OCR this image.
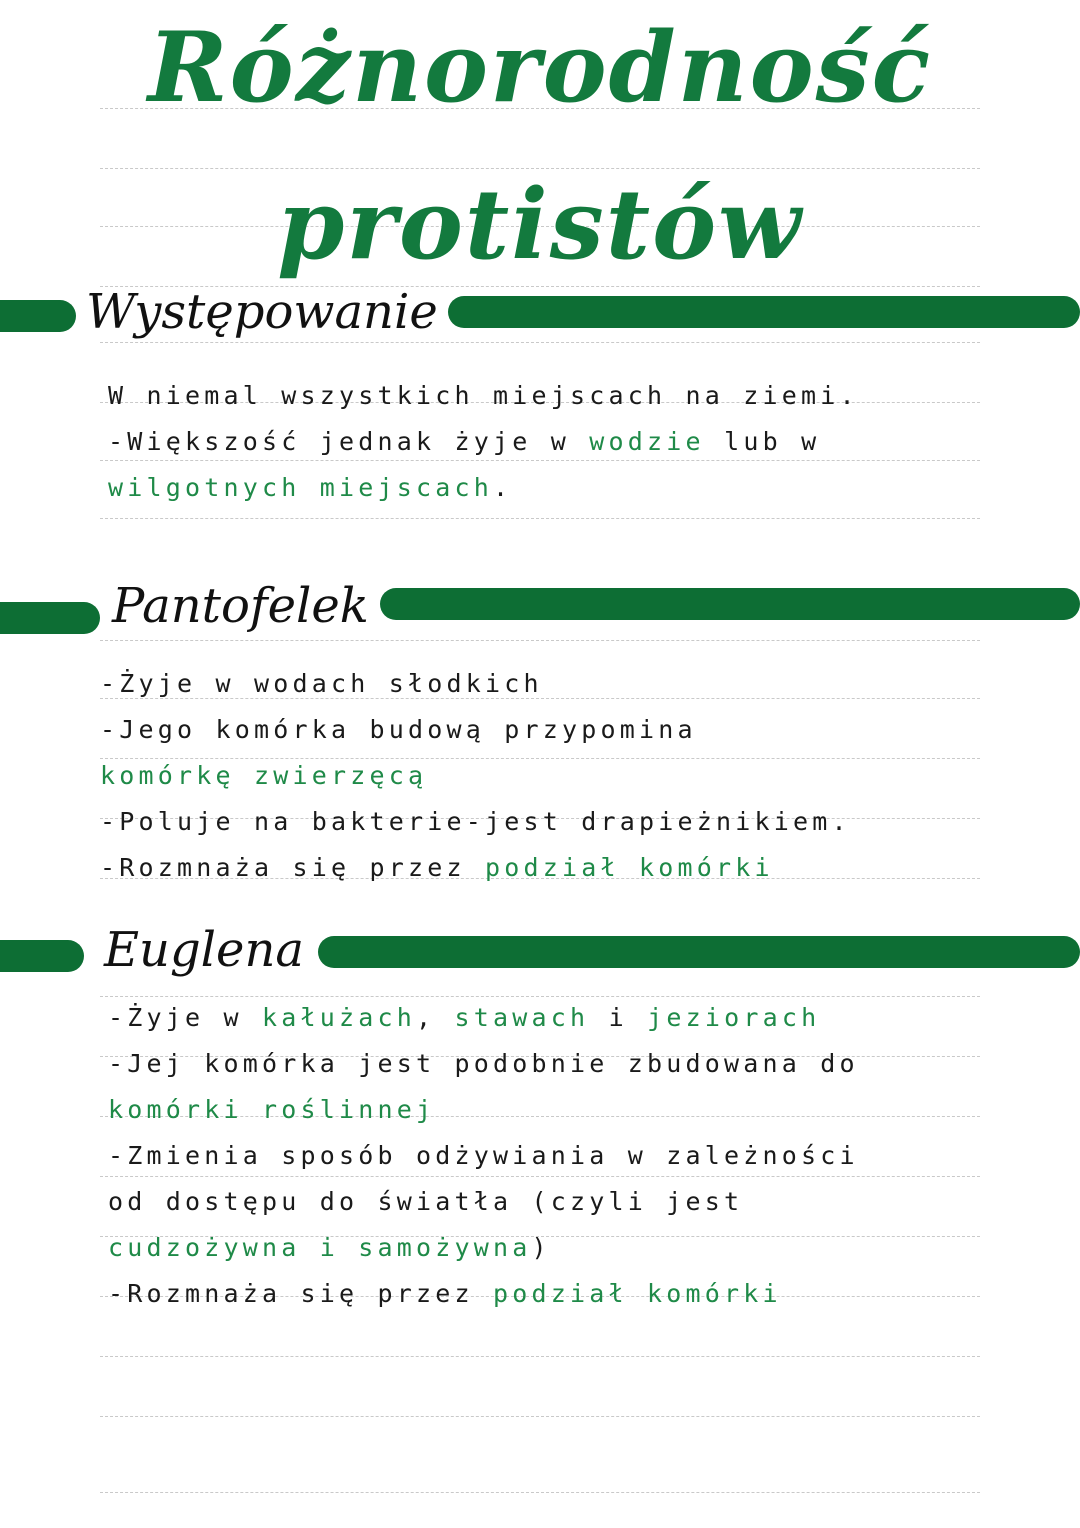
Różnorodność
protistów
Występowanie

W niemal wszystkich miejscach na ziemi.

-Większość jednak żyje w wodzie lub w

wilgotnych miejscach.

Pantofelek

-Żyje w wodach słodkich

-Jego komórka budową przypomina

komórkę zwierzęcą

-Poluje na bakterie-jest drapieżnikiem.

-Rozmnaża się przez podział komórki

Euglena

-Żyje w kałużach, stawach i jeziorach

-Jej komórka jest podobnie zbudowana do

komórki roślinnej

-Zmienia sposób odżywiania w zależności

od dostępu do światła (czyli jest

cudzożywna i samożywna)

-Rozmnaża się przez podział komórki
